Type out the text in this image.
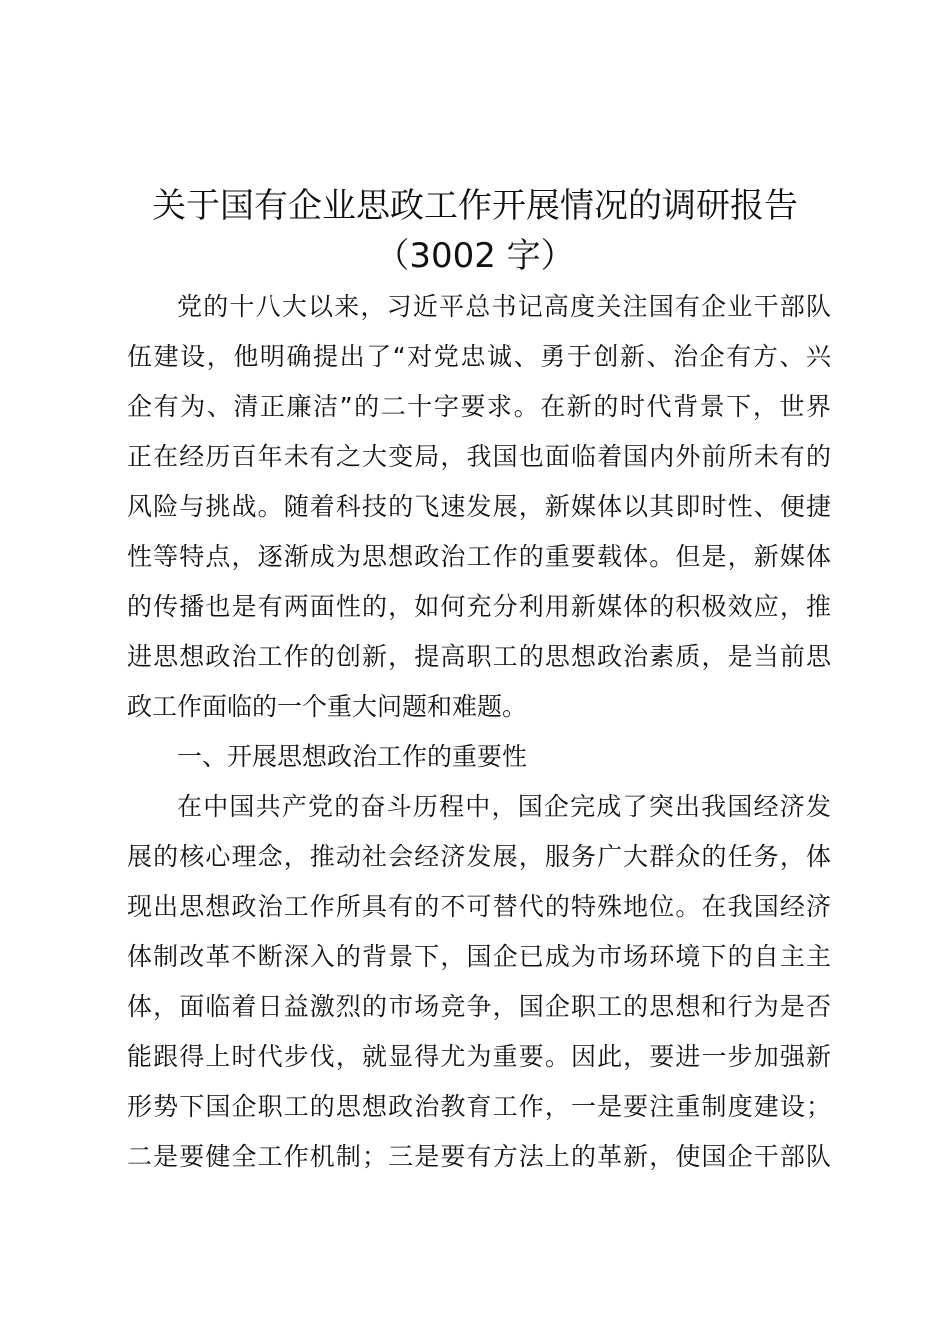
关于国有企业思政工作开展情况的调研报告
（3002 字）
党的十八大以来，习近平总书记高度关注国有企业干部队
伍建设，他明确提出了“对党忠诚、勇于创新、治企有方、兴
企有为、清正廉洁”的二十字要求。在新的时代背景下，世界
正在经历百年未有之大变局，我国也面临着国内外前所未有的
风险与挑战。随着科技的飞速发展，新媒体以其即时性、便捷
性等特点，逐渐成为思想政治工作的重要载体。但是，新媒体
的传播也是有两面性的，如何充分利用新媒体的积极效应，推
进思想政治工作的创新，提高职工的思想政治素质，是当前思
政工作面临的一个重大问题和难题。
一、开展思想政治工作的重要性
在中国共产党的奋斗历程中，国企完成了突出我国经济发
展的核心理念，推动社会经济发展，服务广大群众的任务，体
现出思想政治工作所具有的不可替代的特殊地位。在我国经济
体制改革不断深入的背景下，国企已成为市场环境下的自主主
体，面临着日益激烈的市场竞争，国企职工的思想和行为是否
能跟得上时代步伐，就显得尤为重要。因此，要进一步加强新
形势下国企职工的思想政治教育工作，一是要注重制度建设；
二是要健全工作机制；三是要有方法上的革新，使国企干部队
